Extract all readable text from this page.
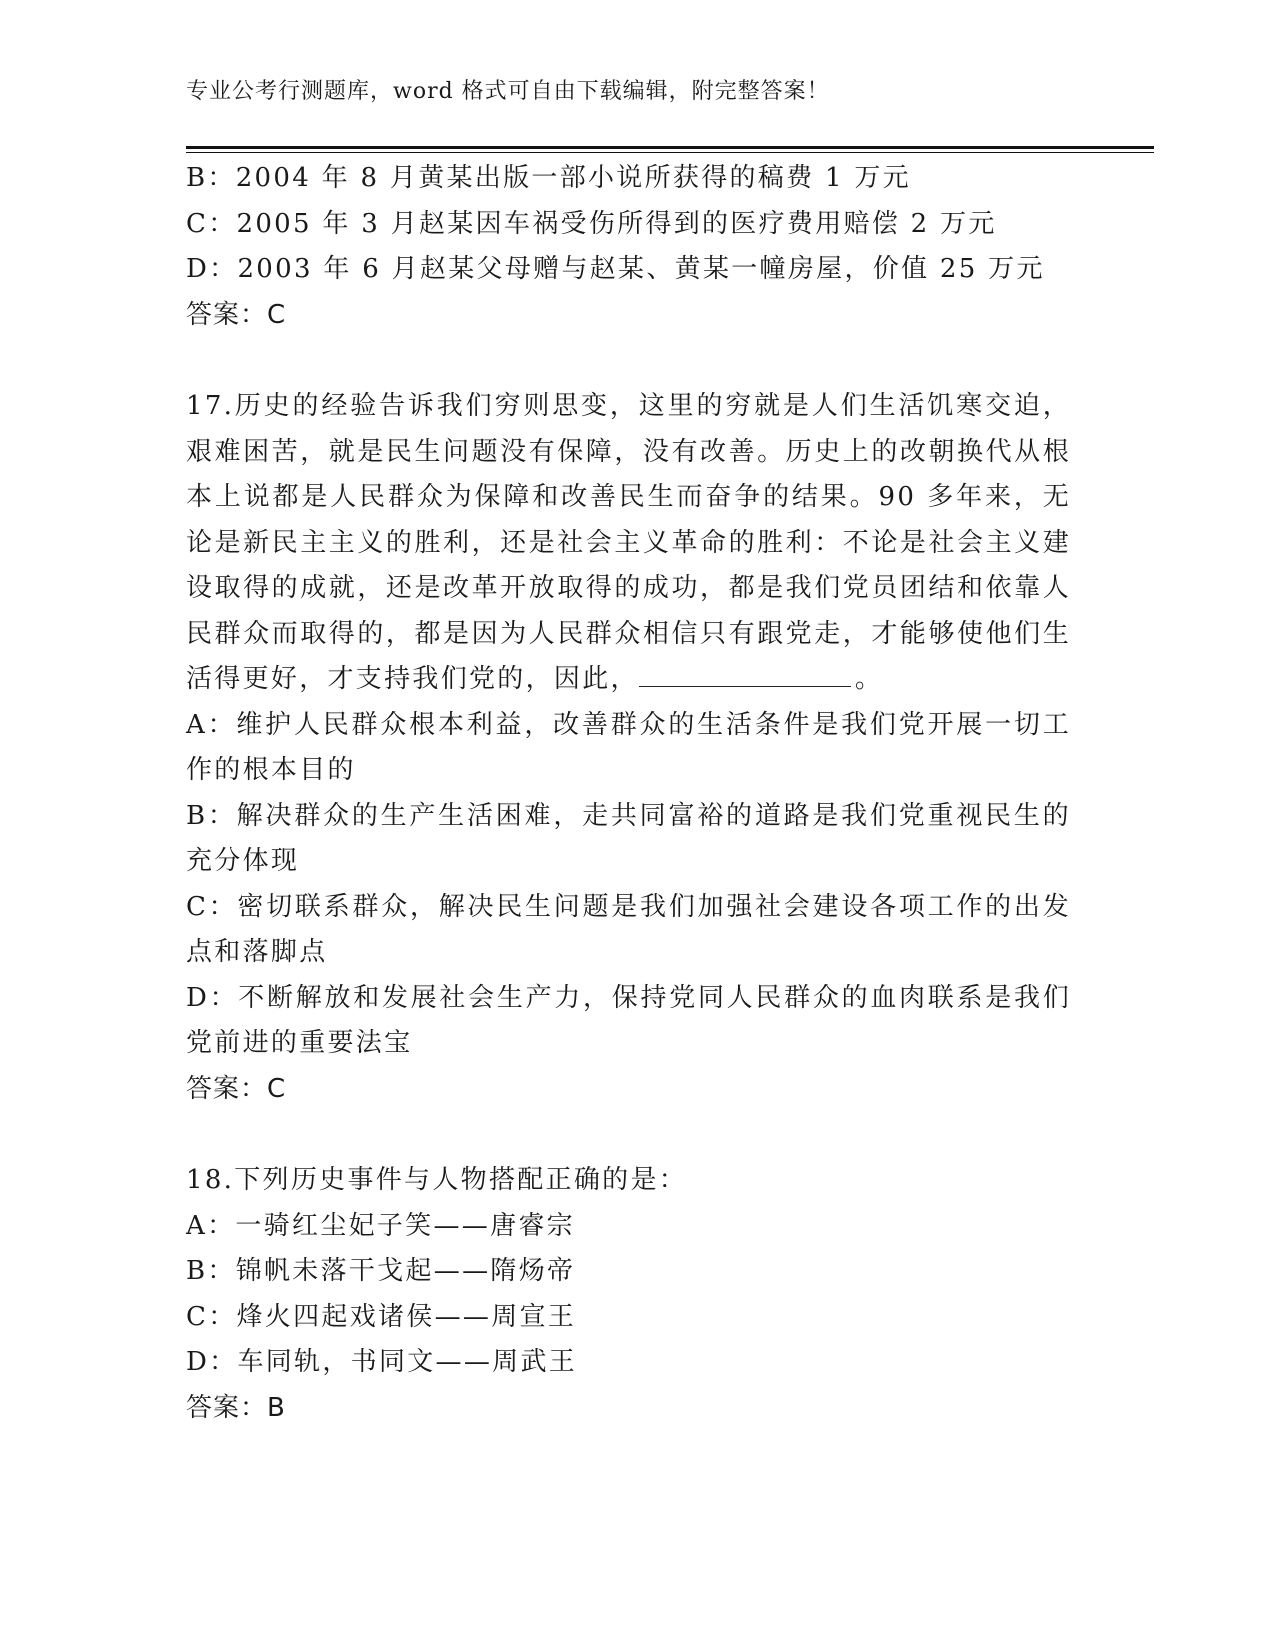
专业公考行测题库，word 格式可自由下载编辑，附完整答案！
B：2004 年 8 月黄某出版一部小说所获得的稿费 1 万元
C：2005 年 3 月赵某因车祸受伤所得到的医疗费用赔偿 2 万元
D：2003 年 6 月赵某父母赠与赵某、黄某一幢房屋，价值 25 万元
答案：C
17.历史的经验告诉我们穷则思变，这里的穷就是人们生活饥寒交迫，艰难困苦，就是民生问题没有保障，没有改善。历史上的改朝换代从根本上说都是人民群众为保障和改善民生而奋争的结果。90 多年来，无论是新民主主义的胜利，还是社会主义革命的胜利：不论是社会主义建设取得的成就，还是改革开放取得的成功，都是我们党员团结和依靠人民群众而取得的，都是因为人民群众相信只有跟党走，才能够使他们生活得更好，才支持我们党的，因此，	。
A：维护人民群众根本利益，改善群众的生活条件是我们党开展一切工作的根本目的
B：解决群众的生产生活困难，走共同富裕的道路是我们党重视民生的充分体现
C：密切联系群众，解决民生问题是我们加强社会建设各项工作的出发点和落脚点
D：不断解放和发展社会生产力，保持党同人民群众的血肉联系是我们党前进的重要法宝
答案：C
18.下列历史事件与人物搭配正确的是：
A：一骑红尘妃子笑——唐睿宗
B：锦帆未落干戈起——隋炀帝
C：烽火四起戏诸侯——周宣王
D：车同轨，书同文——周武王
答案：B
